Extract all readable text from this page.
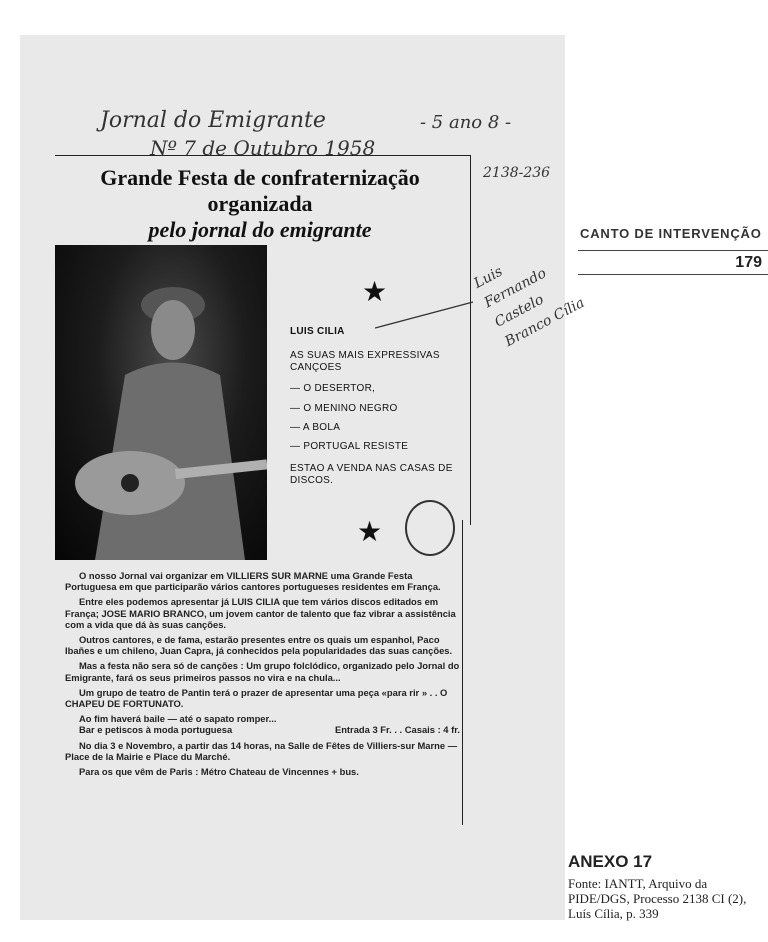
Jornal do Emigrante
Nº 7 de Outubro 1958
- 5 ano 8 -
2138-236
Luis Fernando Castelo Branco Cília
Grande Festa de confraternização
organizada
pelo jornal do emigrante
★
★
LUIS CILIA
AS SUAS MAIS EXPRESSIVAS CANÇOES
— O DESERTOR,
— O MENINO NEGRO
— A BOLA
— PORTUGAL RESISTE
ESTAO A VENDA NAS CASAS DE DISCOS.

O nosso Jornal vai organizar em VILLIERS SUR MARNE uma Grande Festa Portuguesa em que participarão vários cantores portugueses residentes em França.

Entre eles podemos apresentar já LUIS CILIA que tem vários discos editados em França; JOSE MARIO BRANCO, um jovem cantor de talento que faz vibrar a assistência com a vida que dá às suas canções.

Outros cantores, e de fama, estarão presentes entre os quais um espanhol, Paco Ibañes e um chileno, Juan Capra, já conhecidos pela popularidades das suas canções.

Mas a festa não sera só de canções : Um grupo folclódico, organizado pelo Jornal do Emigrante, fará os seus primeiros passos no vira e na chula...

Um grupo de teatro de Pantin terá o prazer de apresentar uma peça «para rir » . . O CHAPEU DE FORTUNATO.

Ao fim haverá baile — até o sapato romper...

Bar e petiscos à moda portuguesa	Entrada 3 Fr. . . Casais : 4 fr.

No dia 3 e Novembro, a partir das 14 horas, na Salle de Fêtes de Villiers-sur Marne — Place de la Mairie e Place du Marché.

Para os que vêm de Paris : Métro Chateau de Vincennes + bus.

CANTO DE INTERVENÇÃO
179
ANEXO 17
Fonte: IANTT, Arquivo da PIDE/DGS, Processo 2138 CI (2), Luís Cília, p. 339
